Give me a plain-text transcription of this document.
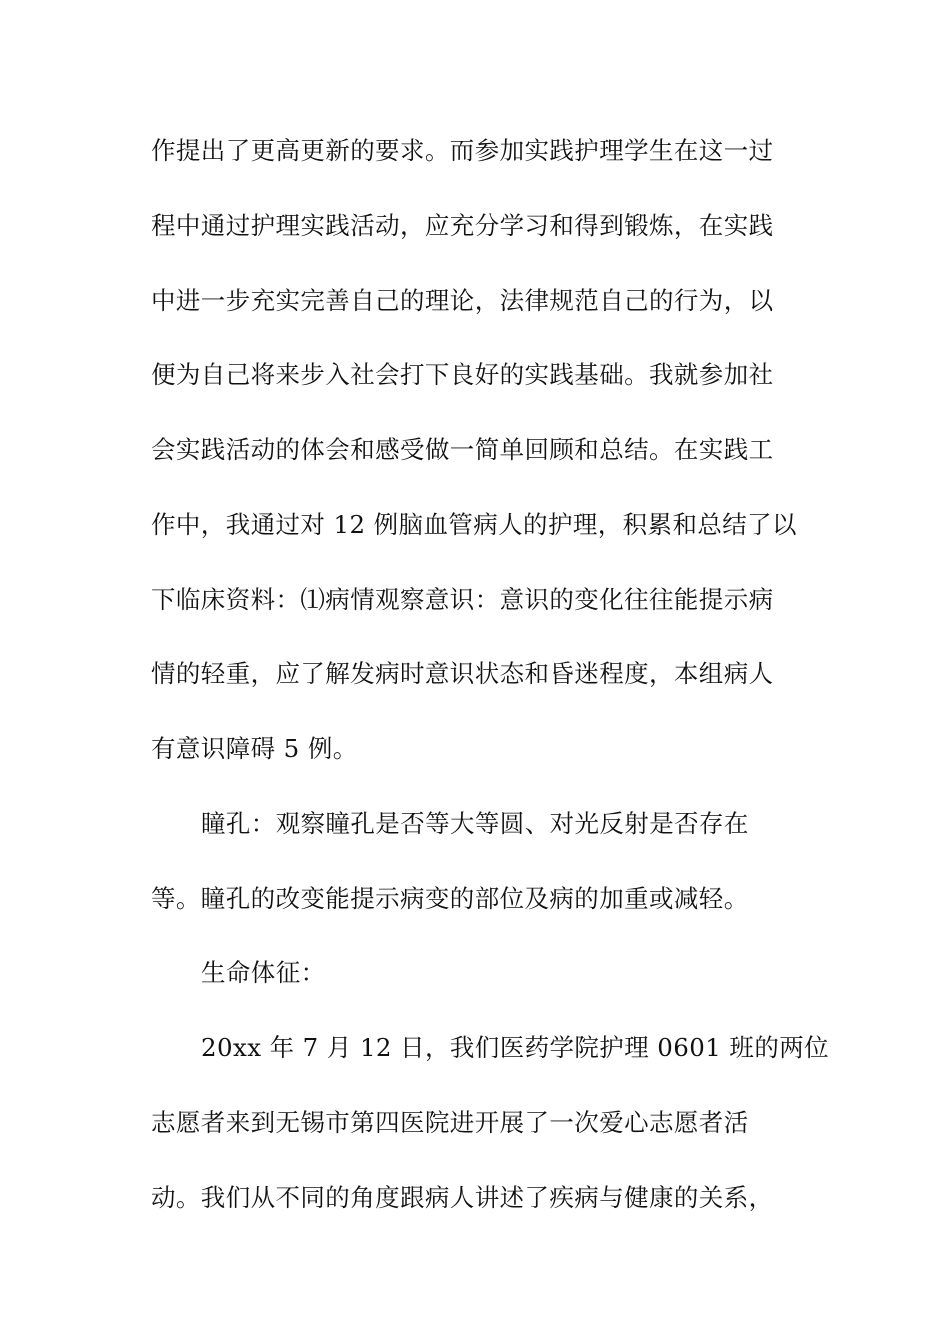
作提出了更高更新的要求。而参加实践护理学生在这一过
程中通过护理实践活动，应充分学习和得到锻炼，在实践
中进一步充实完善自己的理论，法律规范自己的行为，以
便为自己将来步入社会打下良好的实践基础。我就参加社
会实践活动的体会和感受做一简单回顾和总结。在实践工
作中，我通过对 12 例脑血管病人的护理，积累和总结了以
下临床资料：⑴病情观察意识：意识的变化往往能提示病
情的轻重，应了解发病时意识状态和昏迷程度，本组病人
有意识障碍 5 例。
瞳孔：观察瞳孔是否等大等圆、对光反射是否存在
等。瞳孔的改变能提示病变的部位及病的加重或减轻。
生命体征：
20xx 年 7 月 12 日，我们医药学院护理 0601 班的两位
志愿者来到无锡市第四医院进开展了一次爱心志愿者活
动。我们从不同的角度跟病人讲述了疾病与健康的关系，
